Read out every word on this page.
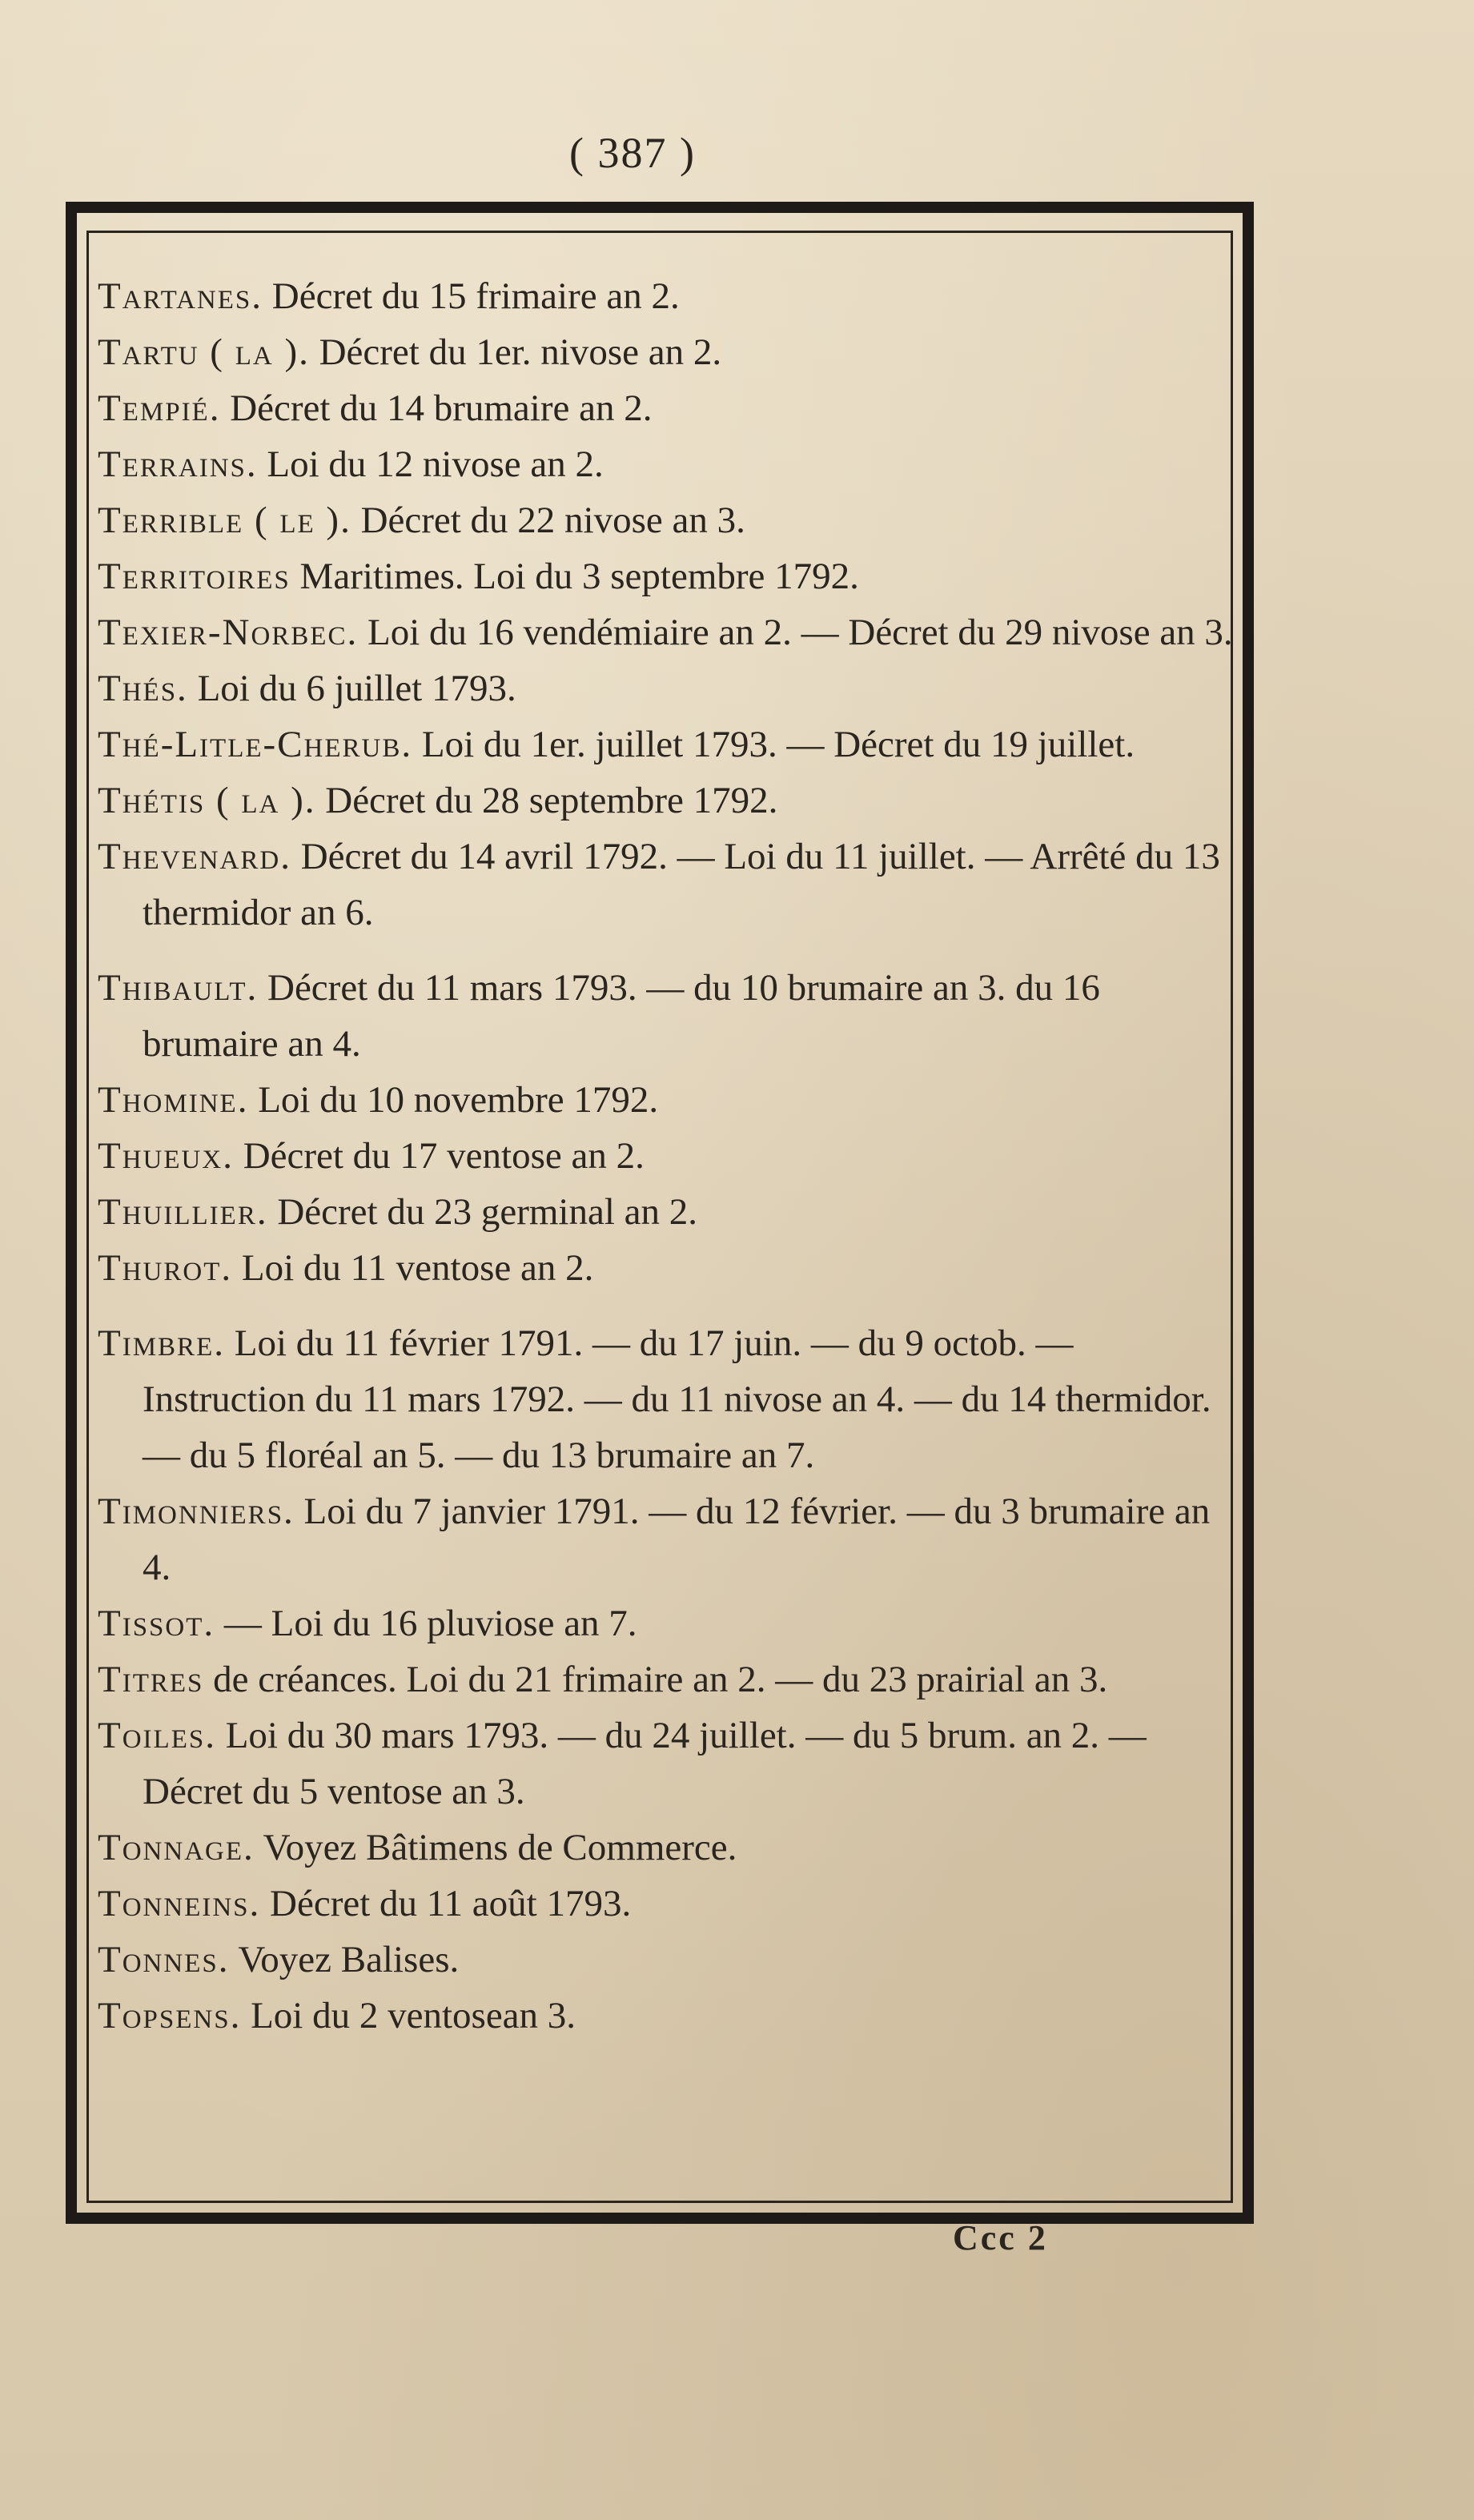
( 387 )

Tartanes. Décret du 15 frimaire an 2.

Tartu ( la ). Décret du 1er. nivose an 2.

Tempié. Décret du 14 brumaire an 2.

Terrains. Loi du 12 nivose an 2.

Terrible ( le ). Décret du 22 nivose an 3.

Territoires Maritimes. Loi du 3 septembre 1792.

Texier-Norbec. Loi du 16 vendémiaire an 2. — Décret du 29 nivose an 3.

Thés. Loi du 6 juillet 1793.

Thé-Litle-Cherub. Loi du 1er. juillet 1793. — Décret du 19 juillet.

Thétis ( la ). Décret du 28 septembre 1792.

Thevenard. Décret du 14 avril 1792. — Loi du 11 juillet. — Arrêté du 13 thermidor an 6.

Thibault. Décret du 11 mars 1793. — du 10 brumaire an 3. du 16 brumaire an 4.

Thomine. Loi du 10 novembre 1792.

Thueux. Décret du 17 ventose an 2.

Thuillier. Décret du 23 germinal an 2.

Thurot. Loi du 11 ventose an 2.

Timbre. Loi du 11 février 1791. — du 17 juin. — du 9 octob. — Instruction du 11 mars 1792. — du 11 nivose an 4. — du 14 thermidor. — du 5 floréal an 5. — du 13 brumaire an 7.

Timonniers. Loi du 7 janvier 1791. — du 12 février. — du 3 brumaire an 4.

Tissot. — Loi du 16 pluviose an 7.

Titres de créances. Loi du 21 frimaire an 2. — du 23 prairial an 3.

Toiles. Loi du 30 mars 1793. — du 24 juillet. — du 5 brum. an 2. — Décret du 5 ventose an 3.

Tonnage. Voyez Bâtimens de Commerce.

Tonneins. Décret du 11 août 1793.

Tonnes. Voyez Balises.

Topsens. Loi du 2 ventosean 3.

Ccc 2
